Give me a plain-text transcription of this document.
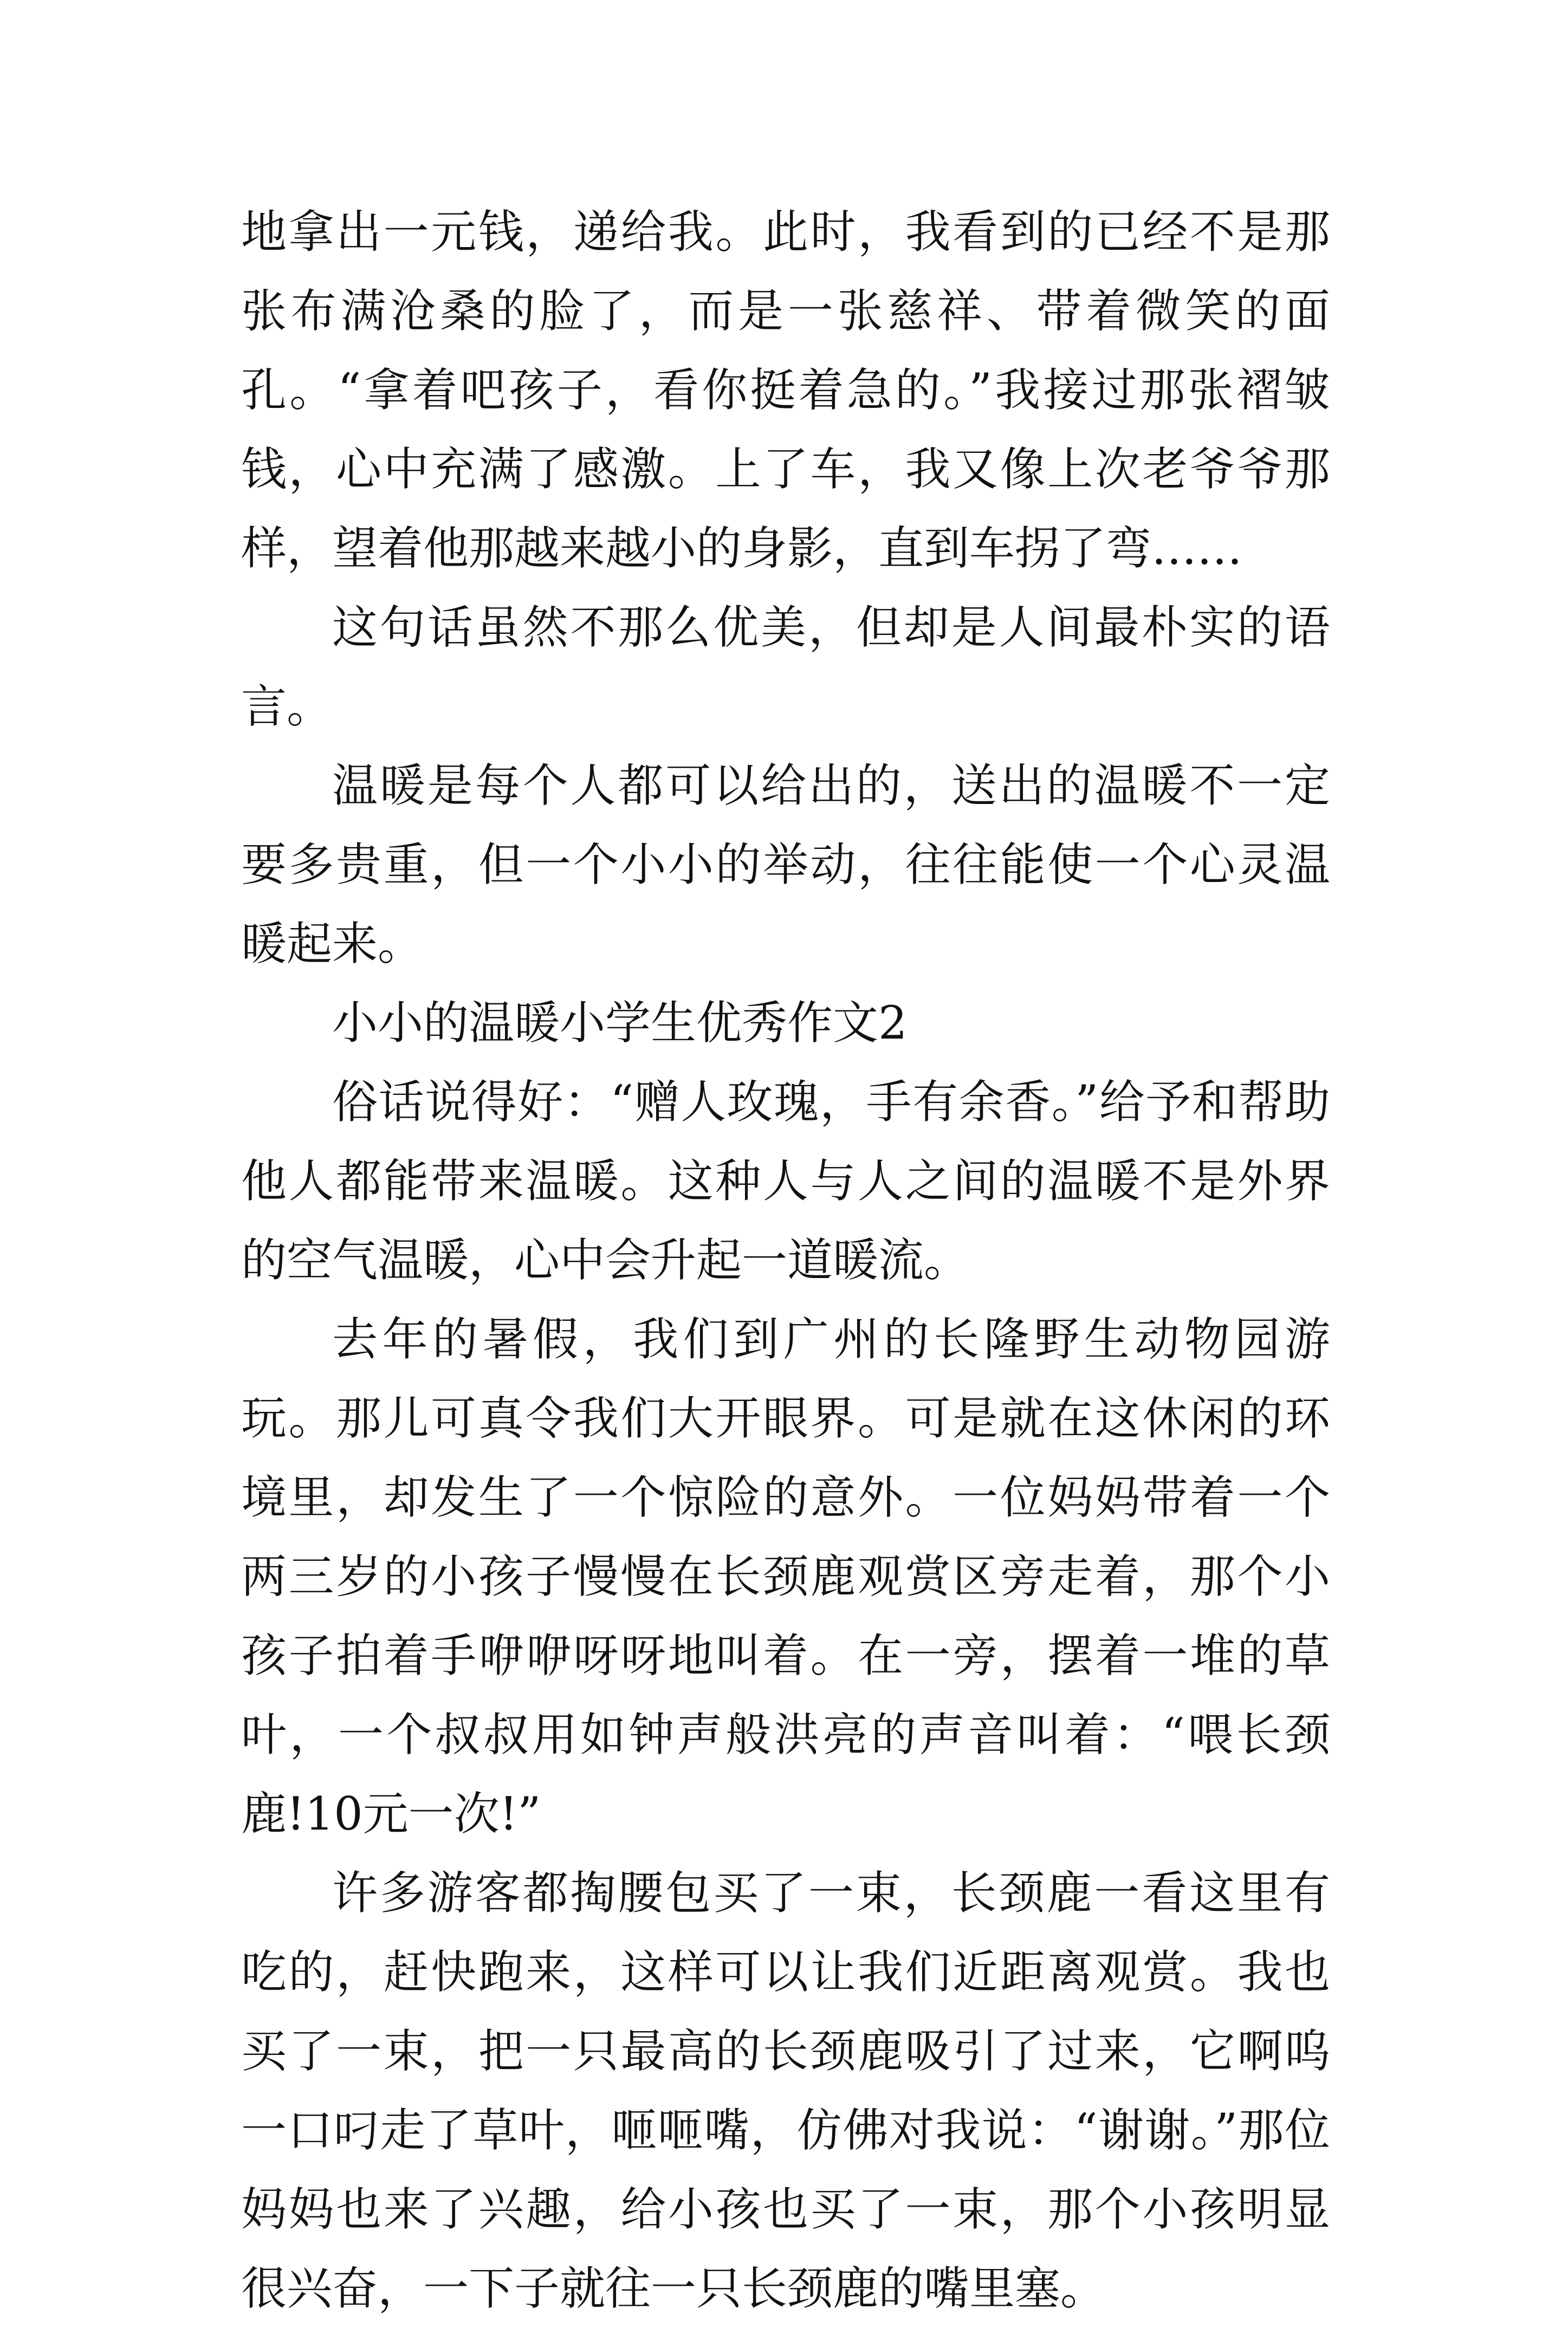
地拿出一元钱，递给我。此时，我看到的已经不是那张布满沧桑的脸了，而是一张慈祥、带着微笑的面孔。“拿着吧孩子，看你挺着急的。”我接过那张褶皱钱，心中充满了感激。上了车，我又像上次老爷爷那样，望着他那越来越小的身影，直到车拐了弯……

这句话虽然不那么优美，但却是人间最朴实的语言。

温暖是每个人都可以给出的，送出的温暖不一定要多贵重，但一个小小的举动，往往能使一个心灵温暖起来。

小小的温暖小学生优秀作文2

俗话说得好：“赠人玫瑰，手有余香。”给予和帮助他人都能带来温暖。这种人与人之间的温暖不是外界的空气温暖，心中会升起一道暖流。

去年的暑假，我们到广州的长隆野生动物园游玩。那儿可真令我们大开眼界。可是就在这休闲的环境里，却发生了一个惊险的意外。一位妈妈带着一个两三岁的小孩子慢慢在长颈鹿观赏区旁走着，那个小孩子拍着手咿咿呀呀地叫着。在一旁，摆着一堆的草叶，一个叔叔用如钟声般洪亮的声音叫着：“喂长颈鹿!10元一次!”

许多游客都掏腰包买了一束，长颈鹿一看这里有吃的，赶快跑来，这样可以让我们近距离观赏。我也买了一束，把一只最高的长颈鹿吸引了过来，它啊呜一口叼走了草叶，咂咂嘴，仿佛对我说：“谢谢。”那位妈妈也来了兴趣，给小孩也买了一束，那个小孩明显很兴奋，一下子就往一只长颈鹿的嘴里塞。
